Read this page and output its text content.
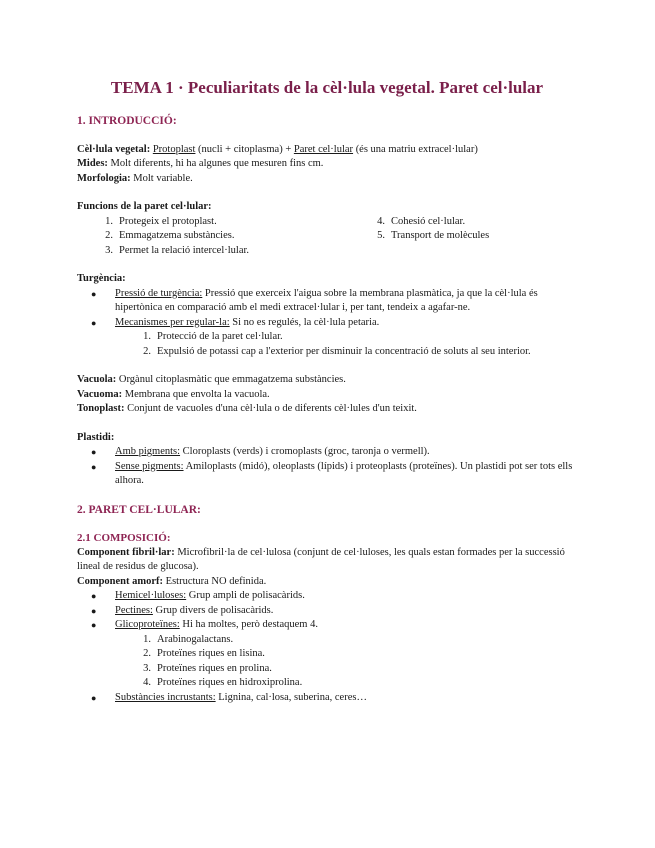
TEMA 1 · Peculiaritats de la cèl·lula vegetal. Paret cel·lular
1. INTRODUCCIÓ:

Cèl·lula vegetal: Protoplast (nucli + citoplasma) + Paret cel·lular (és una matriu extracel·lular)

Mides: Molt diferents, hi ha algunes que mesuren fins cm.

Morfologia: Molt variable.

Funcions de la paret cel·lular:

1. Protegeix el protoplast.
2. Emmagatzema substàncies.
3. Permet la relació intercel·lular.
4. Cohesió cel·lular.
5. Transport de molècules

Turgència:

●	Pressió de turgència: Pressió que exerceix l'aigua sobre la membrana plasmàtica, ja que la cèl·lula és hipertònica en comparació amb el medi extracel·lular i, per tant, tendeix a agafar-ne.
●	Mecanismes per regular-la: Si no es regulés, la cèl·lula petaria.
1. Protecció de la paret cel·lular.
2. Expulsió de potassi cap a l'exterior per disminuir la concentració de soluts al seu interior.

Vacuola: Orgànul citoplasmàtic que emmagatzema substàncies.

Vacuoma: Membrana que envolta la vacuola.

Tonoplast: Conjunt de vacuoles d'una cèl·lula o de diferents cèl·lules d'un teixit.

Plastidi:

●	Amb pigments: Cloroplasts (verds) i cromoplasts (groc, taronja o vermell).
●	Sense pigments: Amiloplasts (midó), oleoplasts (lípids) i proteoplasts (proteïnes). Un plastidi pot ser tots ells alhora.
2. PARET CEL·LULAR:
2.1 COMPOSICIÓ:

Component fibril·lar: Microfibril·la de cel·lulosa (conjunt de cel·luloses, les quals estan formades per la successió lineal de residus de glucosa).

Component amorf: Estructura NO definida.

●	Hemicel·luloses: Grup ampli de polisacàrids.
●	Pectines: Grup divers de polisacàrids.
●	Glicoproteïnes: Hi ha moltes, però destaquem 4.
1. Arabinogalactans.
2. Proteïnes riques en lisina.
3. Proteïnes riques en prolina.
4. Proteïnes riques en hidroxiprolina.
●	Substàncies incrustants: Lignina, cal·losa, suberina, ceres…
